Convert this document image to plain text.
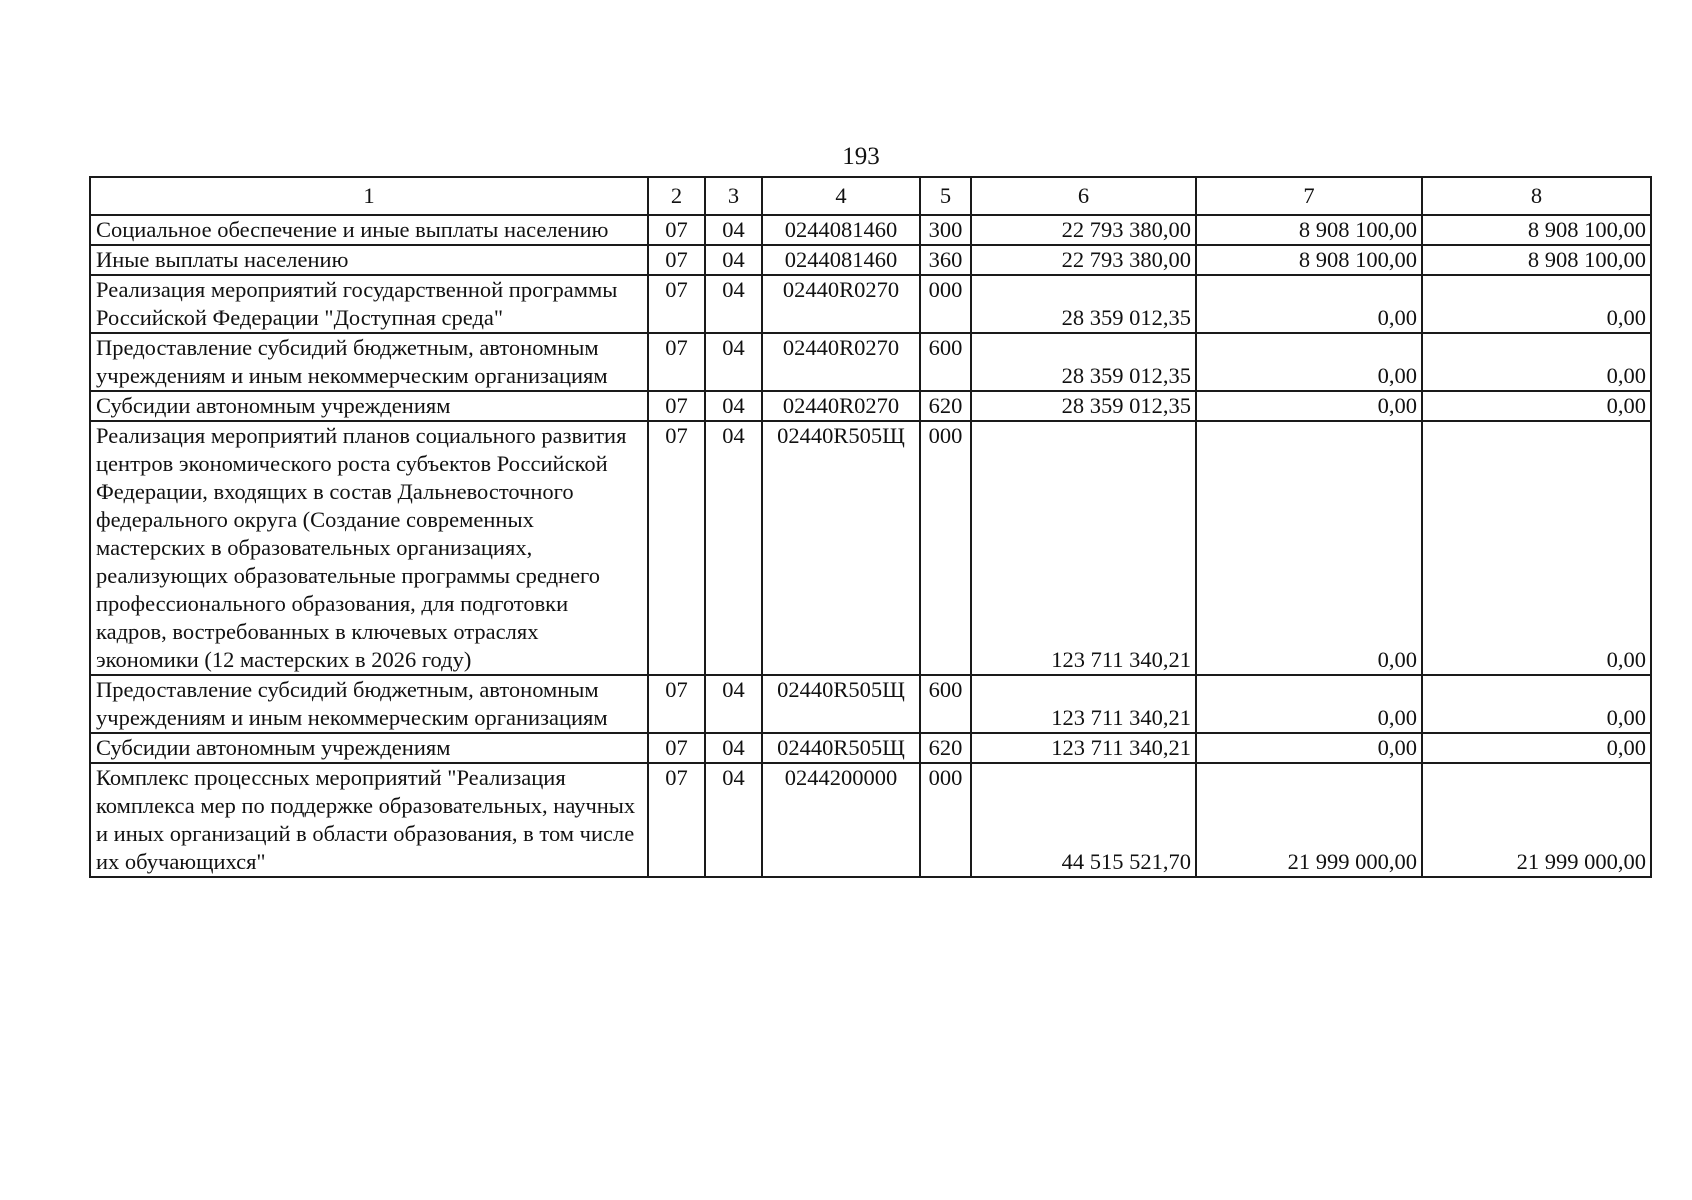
193
1	2	3	4	5	6	7	8
Социальное обеспечение и иные выплаты населению	07	04	0244081460	300	22 793 380,00	8 908 100,00	8 908 100,00
Иные выплаты населению	07	04	0244081460	360	22 793 380,00	8 908 100,00	8 908 100,00
Реализация мероприятий государственной программы Российской Федерации "Доступная среда"	07	04	02440R0270	000	28 359 012,35	0,00	0,00
Предоставление субсидий бюджетным, автономным учреждениям и иным некоммерческим организациям	07	04	02440R0270	600	28 359 012,35	0,00	0,00
Субсидии автономным учреждениям	07	04	02440R0270	620	28 359 012,35	0,00	0,00
Реализация мероприятий планов социального развития центров экономического роста субъектов Российской Федерации, входящих в состав Дальневосточного федерального округа (Создание современных мастерских в образовательных организациях, реализующих образовательные программы среднего профессионального образования, для подготовки кадров, востребованных в ключевых отраслях экономики (12 мастерских в 2026 году)	07	04	02440R505Щ	000	123 711 340,21	0,00	0,00
Предоставление субсидий бюджетным, автономным учреждениям и иным некоммерческим организациям	07	04	02440R505Щ	600	123 711 340,21	0,00	0,00
Субсидии автономным учреждениям	07	04	02440R505Щ	620	123 711 340,21	0,00	0,00
Комплекс процессных мероприятий "Реализация комплекса мер по поддержке образовательных, научных и иных организаций в области образования, в том числе их обучающихся"	07	04	0244200000	000	44 515 521,70	21 999 000,00	21 999 000,00
